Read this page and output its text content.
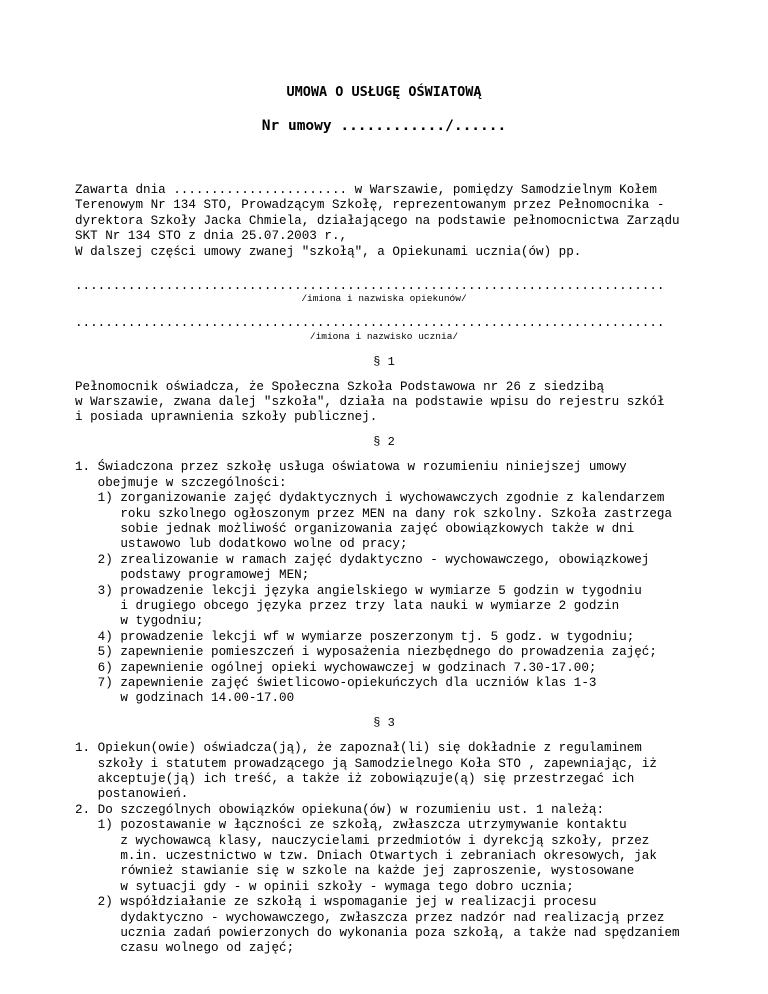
UMOWA O USŁUGĘ OŚWIATOWĄ
Nr umowy ............/......
Zawarta dnia ....................... w Warszawie, pomiędzy Samodzielnym Kołem
Terenowym Nr 134 STO, Prowadzącym Szkołę, reprezentowanym przez Pełnomocnika -
dyrektora Szkoły Jacka Chmiela, działającego na podstawie pełnomocnictwa Zarządu
SKT Nr 134 STO z dnia 25.07.2003 r.,
W dalszej części umowy zwanej "szkołą", a Opiekunami ucznia(ów) pp.
..............................................................................
/imiona i nazwiska opiekunów/
..............................................................................
/imiona i nazwisko ucznia/
§ 1
Pełnomocnik oświadcza, że Społeczna Szkoła Podstawowa nr 26 z siedzibą
w Warszawie, zwana dalej "szkoła", działa na podstawie wpisu do rejestru szkół
i posiada uprawnienia szkoły publicznej.
§ 2
1. Świadczona przez szkołę usługa oświatowa w rozumieniu niniejszej umowy
obejmuje w szczególności:
1) zorganizowanie zajęć dydaktycznych i wychowawczych zgodnie z kalendarzem
roku szkolnego ogłoszonym przez MEN na dany rok szkolny. Szkoła zastrzega
sobie jednak możliwość organizowania zajęć obowiązkowych także w dni
ustawowo lub dodatkowo wolne od pracy;
2) zrealizowanie w ramach zajęć dydaktyczno - wychowawczego, obowiązkowej
podstawy programowej MEN;
3) prowadzenie lekcji języka angielskiego w wymiarze 5 godzin w tygodniu
i drugiego obcego języka przez trzy lata nauki w wymiarze 2 godzin
w tygodniu;
4) prowadzenie lekcji wf w wymiarze poszerzonym tj. 5 godz. w tygodniu;
5) zapewnienie pomieszczeń i wyposażenia niezbędnego do prowadzenia zajęć;
6) zapewnienie ogólnej opieki wychowawczej w godzinach 7.30-17.00;
7) zapewnienie zajęć świetlicowo-opiekuńczych dla uczniów klas 1-3
w godzinach 14.00-17.00
§ 3
1. Opiekun(owie) oświadcza(ją), że zapoznał(li) się dokładnie z regulaminem
szkoły i statutem prowadzącego ją Samodzielnego Koła STO , zapewniając, iż
akceptuje(ją) ich treść, a także iż zobowiązuje(ą) się przestrzegać ich
postanowień.
2. Do szczególnych obowiązków opiekuna(ów) w rozumieniu ust. 1 należą:
1) pozostawanie w łączności ze szkołą, zwłaszcza utrzymywanie kontaktu
z wychowawcą klasy, nauczycielami przedmiotów i dyrekcją szkoły, przez
m.in. uczestnictwo w tzw. Dniach Otwartych i zebraniach okresowych, jak
również stawianie się w szkole na każde jej zaproszenie, wystosowane
w sytuacji gdy - w opinii szkoły - wymaga tego dobro ucznia;
2) współdziałanie ze szkołą i wspomaganie jej w realizacji procesu
dydaktyczno - wychowawczego, zwłaszcza przez nadzór nad realizacją przez
ucznia zadań powierzonych do wykonania poza szkołą, a także nad spędzaniem
czasu wolnego od zajęć;
